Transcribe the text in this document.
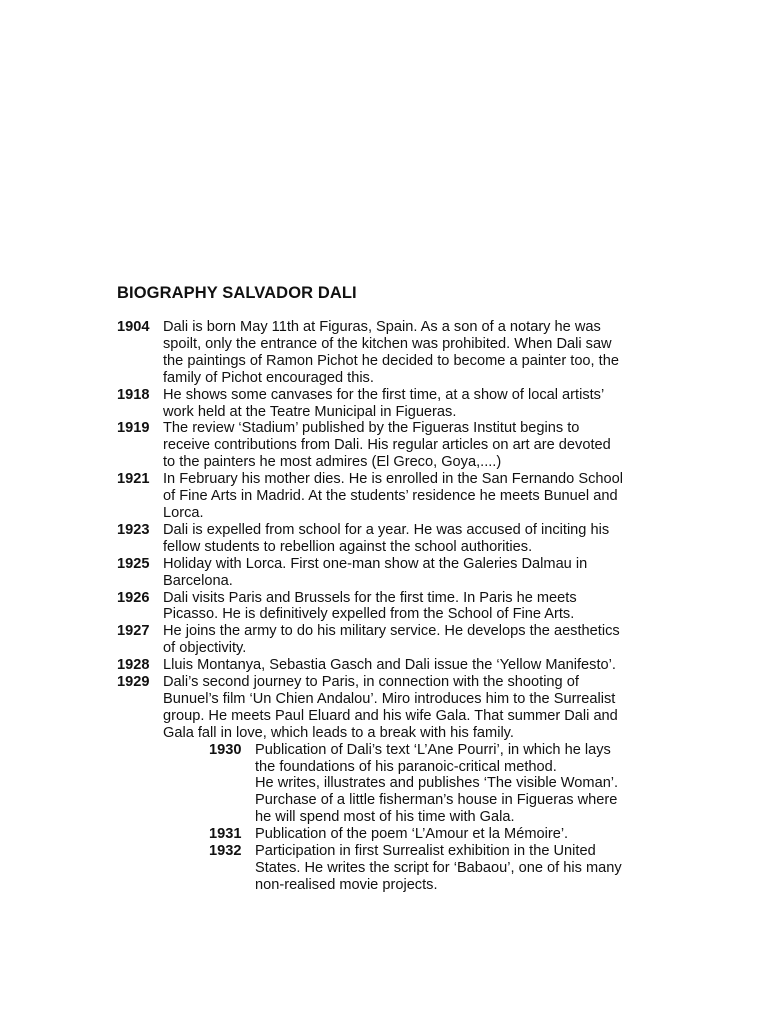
BIOGRAPHY SALVADOR DALI
1904 Dali is born May 11th at Figuras, Spain. As a son of a notary he was
spoilt, only the entrance of the kitchen was prohibited. When Dali saw
the paintings of Ramon Pichot he decided to become a painter too, the
family of Pichot encouraged this.
1918 He shows some canvases for the first time, at a show of local artists’
work held at the Teatre Municipal in Figueras.
1919 The review ‘Stadium’ published by the Figueras Institut begins to
receive contributions from Dali. His regular articles on art are devoted
to the painters he most admires (El Greco, Goya,....)
1921 In February his mother dies. He is enrolled in the San Fernando School
of Fine Arts in Madrid. At the students’ residence he meets Bunuel and
Lorca.
1923 Dali is expelled from school for a year. He was accused of inciting his
fellow students to rebellion against the school authorities.
1925 Holiday with Lorca. First one-man show at the Galeries Dalmau in
Barcelona.
1926 Dali visits Paris and Brussels for the first time. In Paris he meets
Picasso. He is definitively expelled from the School of Fine Arts.
1927 He joins the army to do his military service. He develops the aesthetics
of objectivity.
1928 Lluis Montanya, Sebastia Gasch and Dali issue the ‘Yellow Manifesto’.
1929 Dali’s second journey to Paris, in connection with the shooting of
Bunuel’s film ‘Un Chien Andalou’. Miro introduces him to the Surrealist
group. He meets Paul Eluard and his wife Gala. That summer Dali and
Gala fall in love, which leads to a break with his family.
1930 Publication of Dali’s text ‘L’Ane Pourri’, in which he lays
the foundations of his paranoic-critical method.
He writes, illustrates and publishes ‘The visible Woman’.
Purchase of a little fisherman’s house in Figueras where
he will spend most of his time with Gala.
1931 Publication of the poem ‘L’Amour et la Mémoire’.
1932 Participation in first Surrealist exhibition in the United
States. He writes the script for ‘Babaou’, one of his many
non-realised movie projects.
